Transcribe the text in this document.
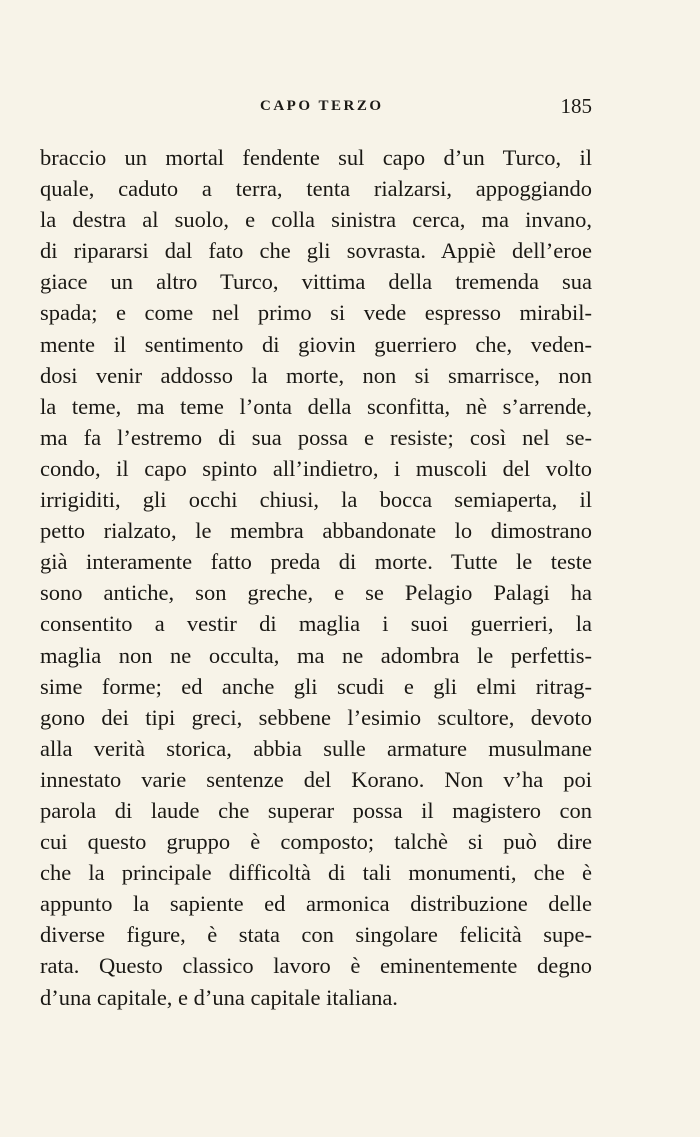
CAPO TERZO	185
braccio un mortal fendente sul capo d’un Turco, il
quale, caduto a terra, tenta rialzarsi, appoggiando
la destra al suolo, e colla sinistra cerca, ma invano,
di ripararsi dal fato che gli sovrasta. Appiè dell’eroe
giace un altro Turco, vittima della tremenda sua
spada; e come nel primo si vede espresso mirabil-
mente il sentimento di giovin guerriero che, veden-
dosi venir addosso la morte, non si smarrisce, non
la teme, ma teme l’onta della sconfitta, nè s’arrende,
ma fa l’estremo di sua possa e resiste; così nel se-
condo, il capo spinto all’indietro, i muscoli del volto
irrigiditi, gli occhi chiusi, la bocca semiaperta, il
petto rialzato, le membra abbandonate lo dimostrano
già interamente fatto preda di morte. Tutte le teste
sono antiche, son greche, e se Pelagio Palagi ha
consentito a vestir di maglia i suoi guerrieri, la
maglia non ne occulta, ma ne adombra le perfettis-
sime forme; ed anche gli scudi e gli elmi ritrag-
gono dei tipi greci, sebbene l’esimio scultore, devoto
alla verità storica, abbia sulle armature musulmane
innestato varie sentenze del Korano. Non v’ha poi
parola di laude che superar possa il magistero con
cui questo gruppo è composto; talchè si può dire
che la principale difficoltà di tali monumenti, che è
appunto la sapiente ed armonica distribuzione delle
diverse figure, è stata con singolare felicità supe-
rata. Questo classico lavoro è eminentemente degno
d’una capitale, e d’una capitale italiana.
